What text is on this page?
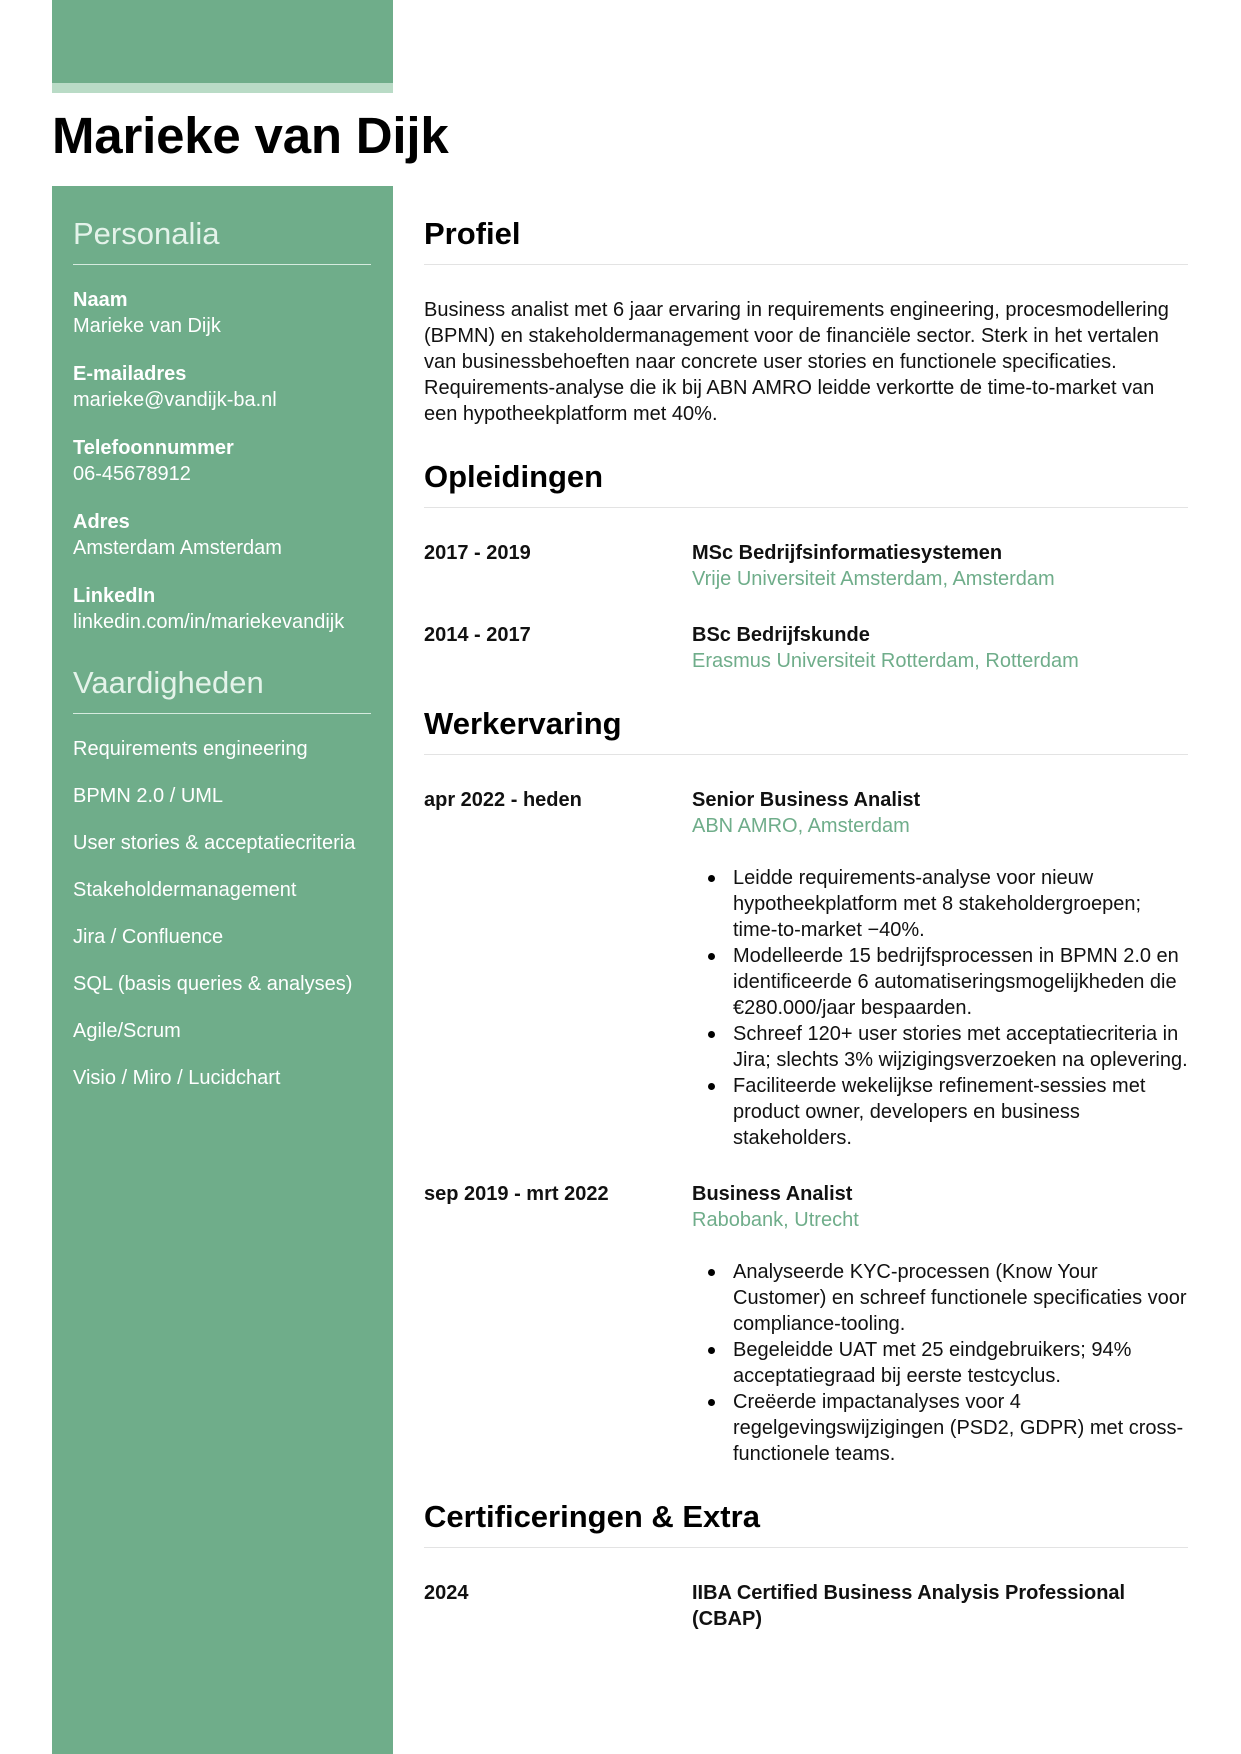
Marieke van Dijk
Personalia
Naam
Marieke van Dijk
E-mailadres
marieke@vandijk-ba.nl
Telefoonnummer
06-45678912
Adres
Amsterdam Amsterdam
LinkedIn
linkedin.com/in/mariekevandijk
Vaardigheden
Requirements engineering
BPMN 2.0 / UML
User stories & acceptatiecriteria
Stakeholdermanagement
Jira / Confluence
SQL (basis queries & analyses)
Agile/Scrum
Visio / Miro / Lucidchart
Profiel

Business analist met 6 jaar ervaring in requirements engineering, procesmodellering (BPMN) en stakeholdermanagement voor de financiële sector. Sterk in het vertalen van businessbehoeften naar concrete user stories en functionele specificaties. Requirements-analyse die ik bij ABN AMRO leidde verkortte de time-to-market van een hypotheekplatform met 40%.

Opleidingen
2017 - 2019	MSc Bedrijfsinformatiesystemen
Vrije Universiteit Amsterdam, Amsterdam
2014 - 2017	BSc Bedrijfskunde
Erasmus Universiteit Rotterdam, Rotterdam
Werkervaring
apr 2022 - heden	Senior Business Analist
ABN AMRO, Amsterdam
Leidde requirements-analyse voor nieuw hypotheekplatform met 8 stakeholdergroepen; time-to-market −40%.
Modelleerde 15 bedrijfsprocessen in BPMN 2.0 en identificeerde 6 automatiseringsmogelijkheden die €280.000/jaar bespaarden.
Schreef 120+ user stories met acceptatiecriteria in Jira; slechts 3% wijzigingsverzoeken na oplevering.
Faciliteerde wekelijkse refinement-sessies met product owner, developers en business stakeholders.
sep 2019 - mrt 2022	Business Analist
Rabobank, Utrecht
Analyseerde KYC-processen (Know Your Customer) en schreef functionele specificaties voor compliance-tooling.
Begeleidde UAT met 25 eindgebruikers; 94% acceptatiegraad bij eerste testcyclus.
Creëerde impactanalyses voor 4 regelgevingswijzigingen (PSD2, GDPR) met cross-functionele teams.
Certificeringen & Extra
2024	IIBA Certified Business Analysis Professional (CBAP)
